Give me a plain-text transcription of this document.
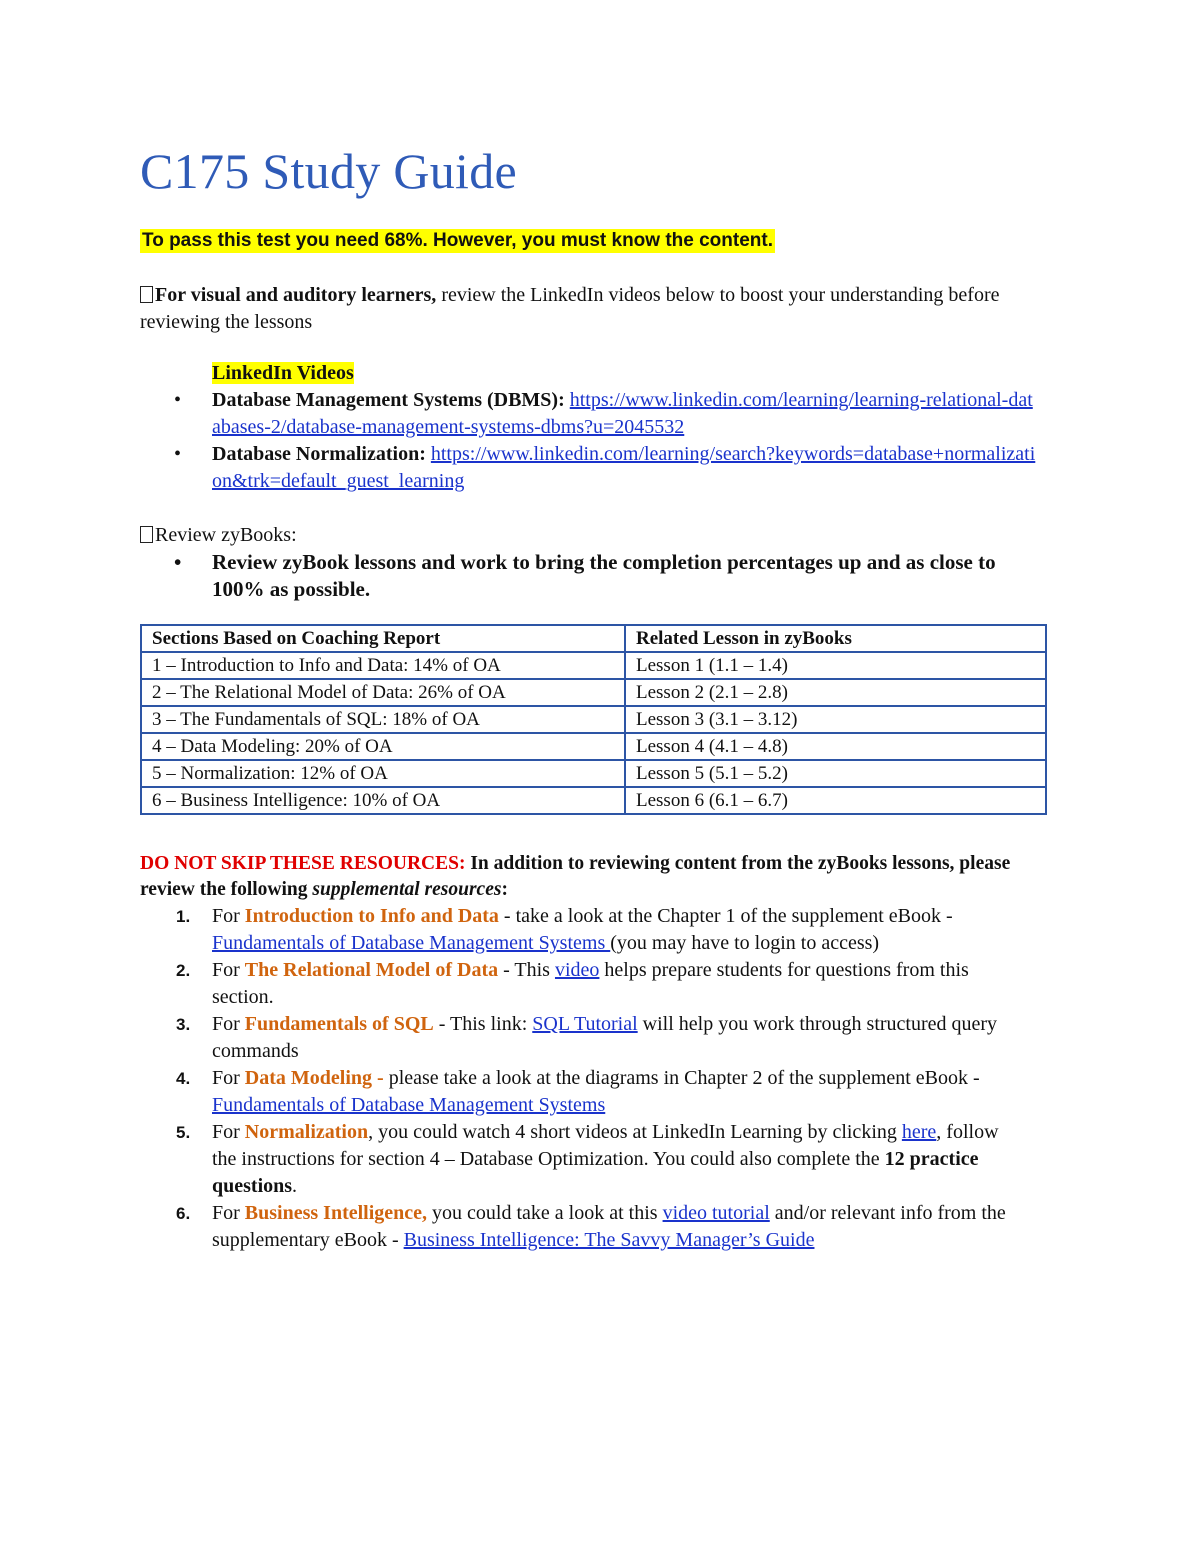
C175 Study Guide
To pass this test you need 68%. However, you must know the content.
For visual and auditory learners, review the LinkedIn videos below to boost your understanding before reviewing the lessons
LinkedIn Videos
• Database Management Systems (DBMS): https://www.linkedin.com/learning/learning-relational-databases-2/database-management-systems-dbms?u=2045532
• Database Normalization: https://www.linkedin.com/learning/search?keywords=database+normalization&trk=default_guest_learning
Review zyBooks:
• Review zyBook lessons and work to bring the completion percentages up and as close to 100% as possible.
Sections Based on Coaching Report	Related Lesson in zyBooks
1 – Introduction to Info and Data: 14% of OA	Lesson 1 (1.1 – 1.4)
2 – The Relational Model of Data: 26% of OA	Lesson 2 (2.1 – 2.8)
3 – The Fundamentals of SQL: 18% of OA	Lesson 3 (3.1 – 3.12)
4 – Data Modeling: 20% of OA	Lesson 4 (4.1 – 4.8)
5 – Normalization: 12% of OA	Lesson 5 (5.1 – 5.2)
6 – Business Intelligence: 10% of OA	Lesson 6 (6.1 – 6.7)
DO NOT SKIP THESE RESOURCES: In addition to reviewing content from the zyBooks lessons, please review the following supplemental resources:
1. For Introduction to Info and Data - take a look at the Chapter 1 of the supplement eBook - Fundamentals of Database Management Systems (you may have to login to access)
2. For The Relational Model of Data - This video helps prepare students for questions from this section.
3. For Fundamentals of SQL - This link: SQL Tutorial will help you work through structured query commands
4. For Data Modeling - please take a look at the diagrams in Chapter 2 of the supplement eBook - Fundamentals of Database Management Systems
5. For Normalization, you could watch 4 short videos at LinkedIn Learning by clicking here, follow the instructions for section 4 – Database Optimization. You could also complete the 12 practice questions.
6. For Business Intelligence, you could take a look at this video tutorial and/or relevant info from the supplementary eBook - Business Intelligence: The Savvy Manager’s Guide
